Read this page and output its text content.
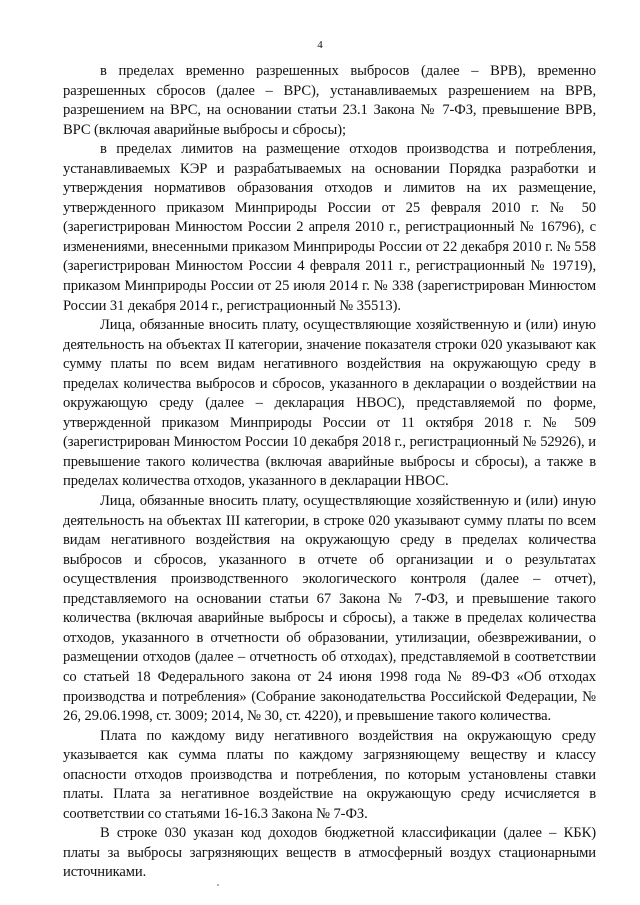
4

в пределах временно разрешенных выбросов (далее – ВРВ), временно разрешенных сбросов (далее – ВРС), устанавливаемых разрешением на ВРВ, разрешением на ВРС, на основании статьи 23.1 Закона № 7-ФЗ, превышение ВРВ, ВРС (включая аварийные выбросы и сбросы);

в пределах лимитов на размещение отходов производства и потребления, устанавливаемых КЭР и разрабатываемых на основании Порядка разработки и утверждения нормативов образования отходов и лимитов на их размещение, утвержденного приказом Минприроды России от 25 февраля 2010 г. № 50 (зарегистрирован Минюстом России 2 апреля 2010 г., регистрационный № 16796), с изменениями, внесенными приказом Минприроды России от 22 декабря 2010 г. № 558 (зарегистрирован Минюстом России 4 февраля 2011 г., регистрационный № 19719), приказом Минприроды России от 25 июля 2014 г. № 338 (зарегистрирован Минюстом России 31 декабря 2014 г., регистрационный № 35513).

Лица, обязанные вносить плату, осуществляющие хозяйственную и (или) иную деятельность на объектах II категории, значение показателя строки 020 указывают как сумму платы по всем видам негативного воздействия на окружающую среду в пределах количества выбросов и сбросов, указанного в декларации о воздействии на окружающую среду (далее – декларация НВОС), представляемой по форме, утвержденной приказом Минприроды России от 11 октября 2018 г. № 509 (зарегистрирован Минюстом России 10 декабря 2018 г., регистрационный № 52926), и превышение такого количества (включая аварийные выбросы и сбросы), а также в пределах количества отходов, указанного в декларации НВОС.

Лица, обязанные вносить плату, осуществляющие хозяйственную и (или) иную деятельность на объектах III категории, в строке 020 указывают сумму платы по всем видам негативного воздействия на окружающую среду в пределах количества выбросов и сбросов, указанного в отчете об организации и о результатах осуществления производственного экологического контроля (далее – отчет), представляемого на основании статьи 67 Закона № 7-ФЗ, и превышение такого количества (включая аварийные выбросы и сбросы), а также в пределах количества отходов, указанного в отчетности об образовании, утилизации, обезвреживании, о размещении отходов (далее – отчетность об отходах), представляемой в соответствии со статьей 18 Федерального закона от 24 июня 1998 года № 89-ФЗ «Об отходах производства и потребления» (Собрание законодательства Российской Федерации, № 26, 29.06.1998, ст. 3009; 2014, № 30, ст. 4220), и превышение такого количества.

Плата по каждому виду негативного воздействия на окружающую среду указывается как сумма платы по каждому загрязняющему веществу и классу опасности отходов производства и потребления, по которым установлены ставки платы. Плата за негативное воздействие на окружающую среду исчисляется в соответствии со статьями 16-16.3 Закона № 7-ФЗ.

В строке 030 указан код доходов бюджетной классификации (далее – КБК) платы за выбросы загрязняющих веществ в атмосферный воздух стационарными источниками.
